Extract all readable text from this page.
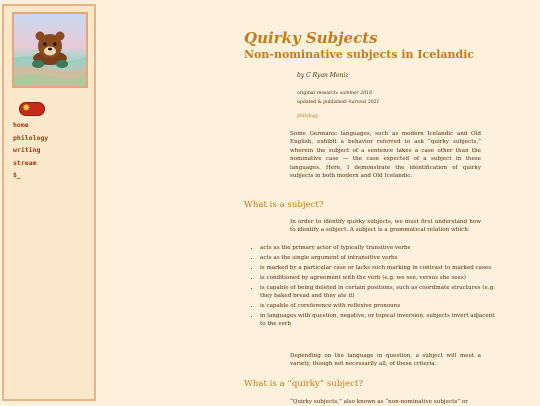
✸
home
philology
writing
stream
$_
Quirky Subjects
Non-nominative subjects in Icelandic
by C Ryan Moniz
original research: summer 2018
updated & published: harvest 2021
philology

Some Germanic languages, such as modern Icelandic and Old English, exhibit a behavior referred to ask “quirky subjects,” wherein the subject of a sentence takes a case other than the nominative case — the case expected of a subject in these languages. Here, I demonstrate the identification of quirky subjects in both modern and Old Icelandic.

What is a subject?

In order to identify quirky subjects, we must first understand how to identify a subject. A subject is a grammatical relation which:

• acts as the primary actor of typically transitive verbs
• acts as the single argument of intransitive verbs
• is marked by a particular case or lacks such marking in contrast to marked cases
• is conditioned by agreement with the verb (e.g. we see, versus she sees)
• is capable of being deleted in certain positions, such as coordinate structures (e.g. they baked bread and they ate it)
• is capable of coreference with reflexive pronouns
• in languages with question, negative, or topical inversion, subjects invert adjacent to the verb

Depending on the language in question, a subject will meet a variety, though not necessarily all, of these criteria.

What is a “quirky” subject?

“Quirky subjects,” also known as “non-nominative subjects” or
